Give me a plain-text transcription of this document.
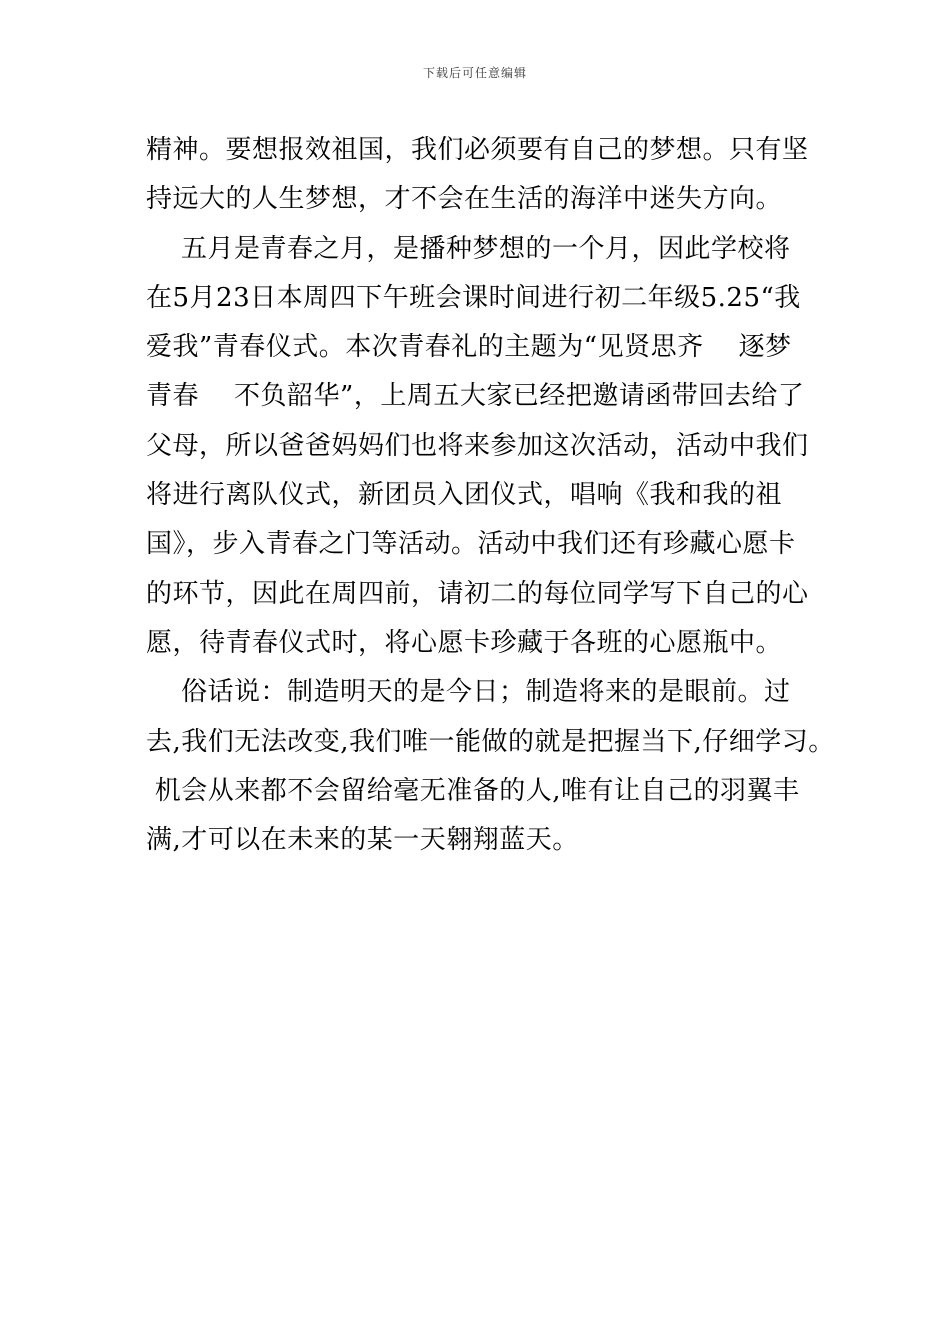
下载后可任意编辑
精神。要想报效祖国，我们必须要有自己的梦想。只有坚
持远大的人生梦想，才不会在生活的海洋中迷失方向。
五月是青春之月，是播种梦想的一个月，因此学校将
在5月23日本周四下午班会课时间进行初二年级5.25“我
爱我”青春仪式。本次青春礼的主题为“见贤思齐    逐梦
青春    不负韶华”，上周五大家已经把邀请函带回去给了
父母，所以爸爸妈妈们也将来参加这次活动，活动中我们
将进行离队仪式，新团员入团仪式，唱响《我和我的祖
国》，步入青春之门等活动。活动中我们还有珍藏心愿卡
的环节，因此在周四前，请初二的每位同学写下自己的心
愿，待青春仪式时，将心愿卡珍藏于各班的心愿瓶中。
俗话说：制造明天的是今日；制造将来的是眼前。过
去,我们无法改变,我们唯一能做的就是把握当下,仔细学习。
机会从来都不会留给毫无准备的人,唯有让自己的羽翼丰
满,才可以在未来的某一天翱翔蓝天。
